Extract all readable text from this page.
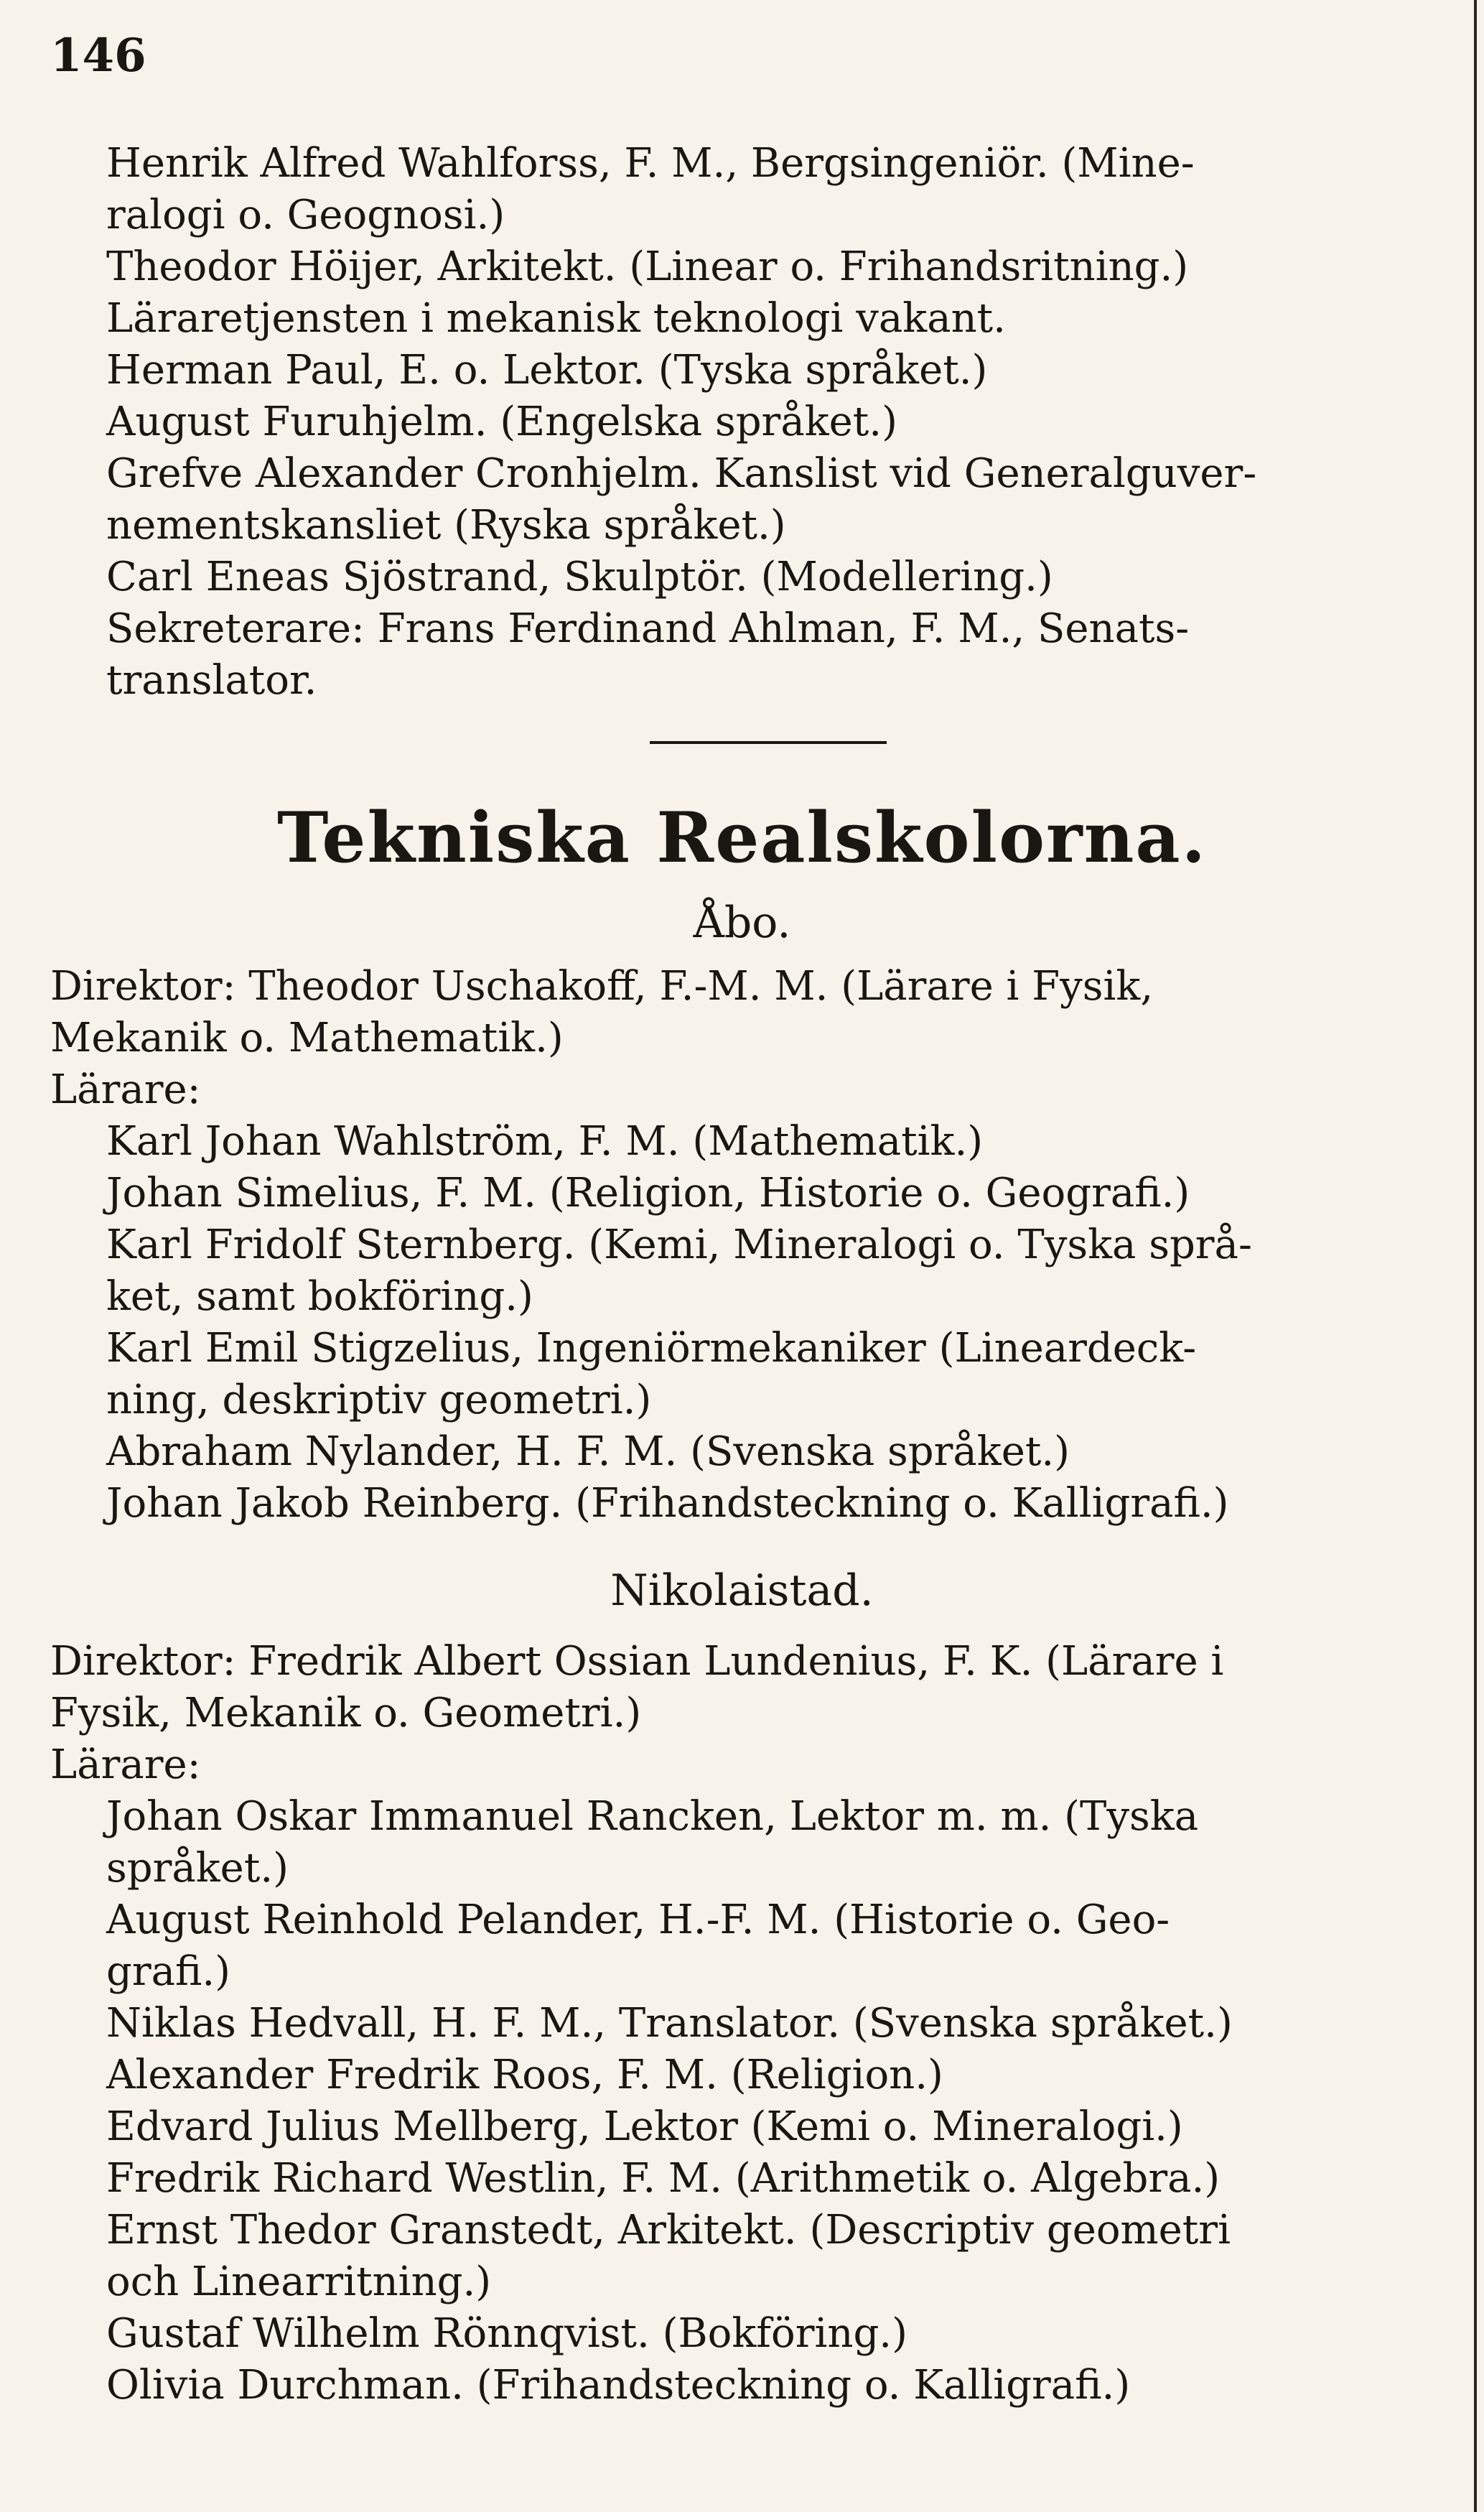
146
Henrik Alfred Wahlforss, F. M., Bergsingeniör. (Mine-
ralogi o. Geognosi.)
Theodor Höijer, Arkitekt. (Linear o. Frihandsritning.)
Läraretjensten i mekanisk teknologi vakant.
Herman Paul, E. o. Lektor. (Tyska språket.)
August Furuhjelm. (Engelska språket.)
Grefve Alexander Cronhjelm. Kanslist vid Generalguver-
nementskansliet (Ryska språket.)
Carl Eneas Sjöstrand, Skulptör. (Modellering.)
Sekreterare: Frans Ferdinand Ahlman, F. M., Senats-
translator.
Tekniska Realskolorna.
Åbo.
Direktor: Theodor Uschakoff, F.-M. M. (Lärare i Fysik,
Mekanik o. Mathematik.)
Lärare:
Karl Johan Wahlström, F. M. (Mathematik.)
Johan Simelius, F. M. (Religion, Historie o. Geografi.)
Karl Fridolf Sternberg. (Kemi, Mineralogi o. Tyska språ-
ket, samt bokföring.)
Karl Emil Stigzelius, Ingeniörmekaniker (Lineardeck-
ning, deskriptiv geometri.)
Abraham Nylander, H. F. M. (Svenska språket.)
Johan Jakob Reinberg. (Frihandsteckning o. Kalligrafi.)
Nikolaistad.
Direktor: Fredrik Albert Ossian Lundenius, F. K. (Lärare i
Fysik, Mekanik o. Geometri.)
Lärare:
Johan Oskar Immanuel Rancken, Lektor m. m. (Tyska
språket.)
August Reinhold Pelander, H.-F. M. (Historie o. Geo-
grafi.)
Niklas Hedvall, H. F. M., Translator. (Svenska språket.)
Alexander Fredrik Roos, F. M. (Religion.)
Edvard Julius Mellberg, Lektor (Kemi o. Mineralogi.)
Fredrik Richard Westlin, F. M. (Arithmetik o. Algebra.)
Ernst Thedor Granstedt, Arkitekt. (Descriptiv geometri
och Linearritning.)
Gustaf Wilhelm Rönnqvist. (Bokföring.)
Olivia Durchman. (Frihandsteckning o. Kalligrafi.)
